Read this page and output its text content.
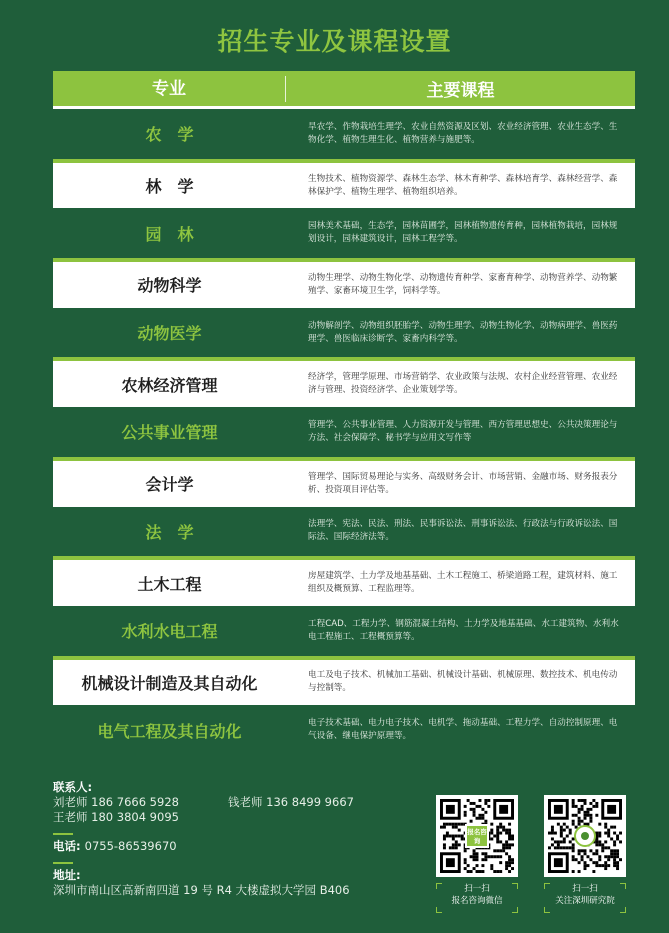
招生专业及课程设置
专业	主要课程
农　学	旱农学、作物栽培生理学、农业自然资源及区划、农业经济管理、农业生态学、生物化学、植物生理生化、植物营养与施肥等。
林　学	生物技术、植物资源学、森林生态学、林木育种学、森林培育学、森林经营学、森林保护学、植物生理学、植物组织培养。
园　林	园林美术基础，生态学，园林苗圃学，园林植物遗传育种，园林植物栽培，园林规划设计，园林建筑设计，园林工程学等。
动物科学	动物生理学、动物生物化学、动物遗传育种学、家畜育种学、动物营养学、动物繁殖学、家畜环境卫生学，饲料学等。
动物医学	动物解剖学、动物组织胚胎学、动物生理学、动物生物化学、动物病理学、兽医药理学、兽医临床诊断学、家畜内科学等。
农林经济管理	经济学，管理学原理、市场营销学、农业政策与法规、农村企业经营管理、农业经济与管理、投资经济学、企业策划学等。
公共事业管理	管理学、公共事业管理、人力资源开发与管理、西方管理思想史、公共决策理论与方法、社会保障学、秘书学与应用文写作等
会计学	管理学、国际贸易理论与实务、高级财务会计、市场营销、金融市场、财务报表分析、投资项目评估等。
法　学	法理学、宪法、民法、刑法、民事诉讼法、刑事诉讼法、行政法与行政诉讼法、国际法、国际经济法等。
土木工程	房屋建筑学、土力学及地基基础、土木工程施工、桥梁道路工程，建筑材料、施工组织及概预算、工程监理等。
水利水电工程	工程CAD、工程力学、钢筋混凝土结构、土力学及地基基础、水工建筑物、水利水电工程施工、工程概预算等。
机械设计制造及其自动化	电工及电子技术、机械加工基础、机械设计基础、机械原理、数控技术、机电传动与控制等。
电气工程及其自动化	电子技术基础、电力电子技术、电机学、拖动基础、工程力学、自动控制原理、电气设备、继电保护原理等。
联系人:
刘老师 186 7666 5928	钱老师 136 8499 9667
王老师 180 3804 9095
电话: 0755-86539670
地址:
深圳市南山区高新南四道 19 号 R4 大楼虚拟大学园 B406
报名咨询
扫一扫
报名咨询微信
扫一扫
关注深圳研究院
